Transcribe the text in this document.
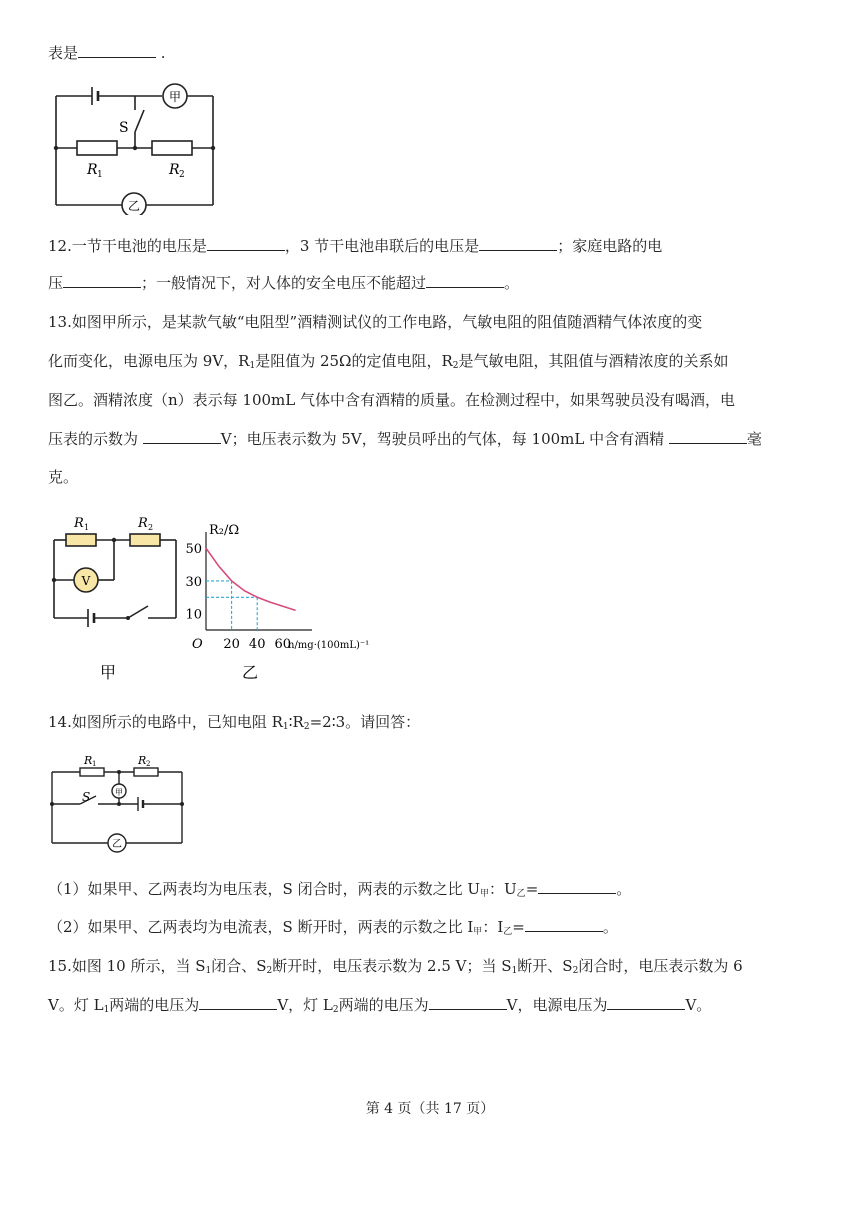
表是	.
甲
乙
S
R 1	R 2
12.一节干电池的电压是	，3 节干电池串联后的电压是	；家庭电路的电
压	；一般情况下，对人体的安全电压不能超过	。
13.如图甲所示，是某款气敏“电阻型”酒精测试仪的工作电路，气敏电阻的阻值随酒精气体浓度的变
化而变化，电源电压为 9V，$R_1$是阻值为 25Ω的定值电阻，$R_2$是气敏电阻，其阻值与酒精浓度的关系如
图乙。酒精浓度（n）表示每 100mL 气体中含有酒精的质量。在检测过程中，如果驾驶员没有喝酒，电
压表的示数为	V；电压表示数为 5V，驾驶员呼出的气体，每 100mL 中含有酒精	毫
克。
V
R 1	R 2
甲
50
30
10
20 40 60
R₂/Ω
n/mg·(100mL)⁻¹
O
乙
14.如图所示的电路中，已知电阻 $R_1∶R_2=2∶3$。请回答：
甲
乙
S
R 1	R 2
（1）如果甲、乙两表均为电压表，S 闭合时，两表的示数之比 $U_甲$：$U_乙=$	。
（2）如果甲、乙两表均为电流表，S 断开时，两表的示数之比 $I_甲$：$I_乙=$	。
15.如图 10 所示，当 $S_1$闭合、$S_2$断开时，电压表示数为 2.5 V；当 $S_1$断开、$S_2$闭合时，电压表示数为 6
V。灯 $L_1$两端的电压为	V，灯 $L_2$两端的电压为	V，电源电压为	V。
第 4 页（共 17 页）
